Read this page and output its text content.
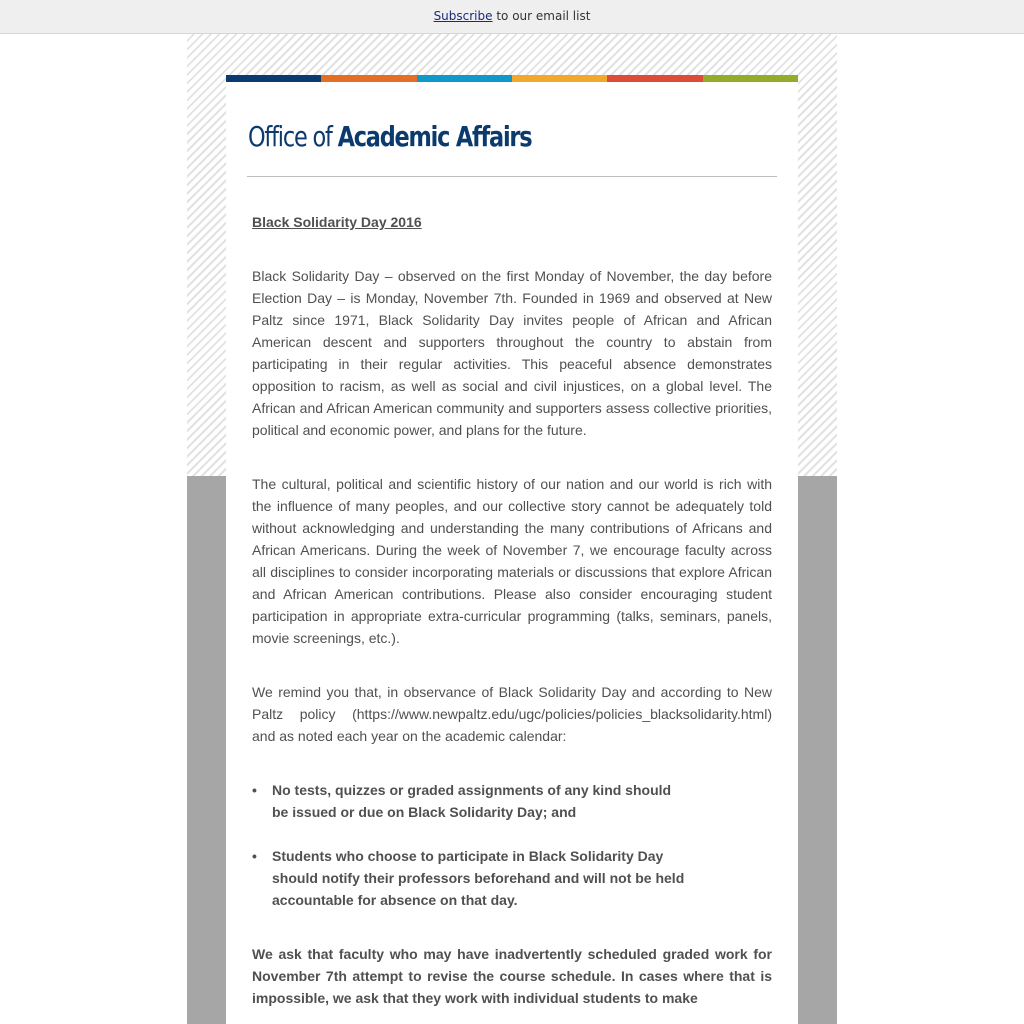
Subscribe to our email list
Office of Academic Affairs

Black Solidarity Day 2016

Black Solidarity Day – observed on the first Monday of November, the day before Election Day – is Monday, November 7th. Founded in 1969 and observed at New Paltz since 1971, Black Solidarity Day invites people of African and African American descent and supporters throughout the country to abstain from participating in their regular activities. This peaceful absence demonstrates opposition to racism, as well as social and civil injustices, on a global level. The African and African American community and supporters assess collective priorities, political and economic power, and plans for the future.

The cultural, political and scientific history of our nation and our world is rich with the influence of many peoples, and our collective story cannot be adequately told without acknowledging and understanding the many contributions of Africans and African Americans. During the week of November 7, we encourage faculty across all disciplines to consider incorporating materials or discussions that explore African and African American contributions. Please also consider encouraging student participation in appropriate extra-curricular programming (talks, seminars, panels, movie screenings, etc.).

We remind you that, in observance of Black Solidarity Day and according to New Paltz policy (https://www.newpaltz.edu/ugc/policies/policies_blacksolidarity.html) and as noted each year on the academic calendar:

• No tests, quizzes or graded assignments of any kind should be issued or due on Black Solidarity Day; and
• Students who choose to participate in Black Solidarity Day should notify their professors beforehand and will not be held accountable for absence on that day.

We ask that faculty who may have inadvertently scheduled graded work for November 7th attempt to revise the course schedule. In cases where that is impossible, we ask that they work with individual students to make
